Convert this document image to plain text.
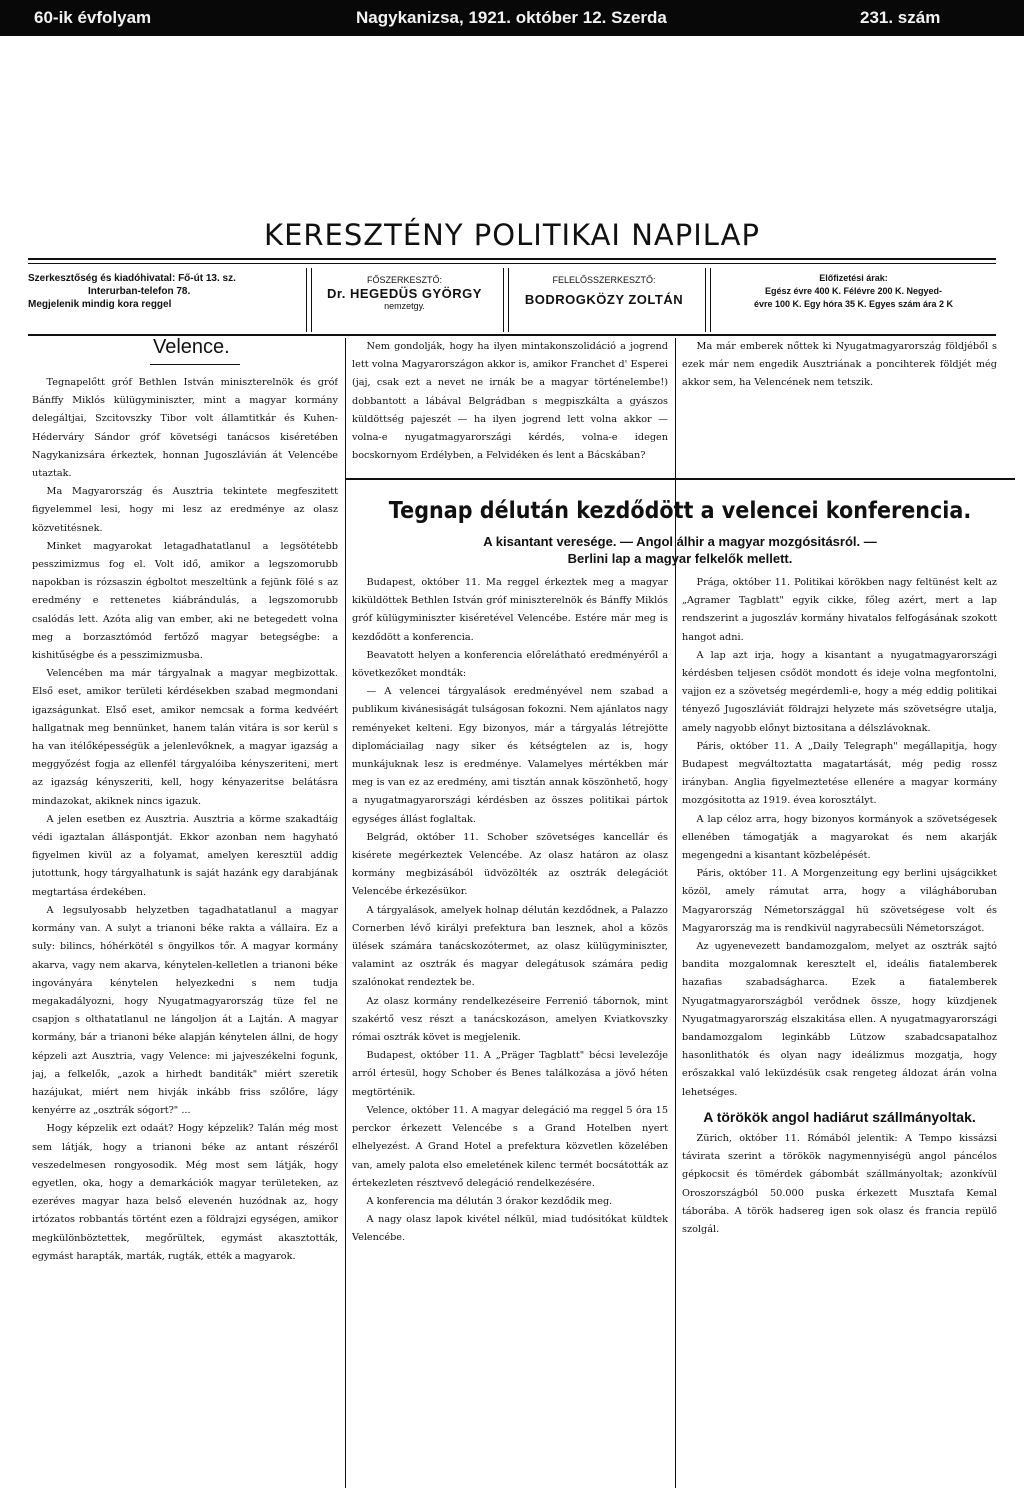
60-ik évfolyam	Nagykanizsa, 1921. október 12. Szerda	231. szám
KERESZTÉNY POLITIKAI NAPILAP
Szerkesztőség és kiadóhivatal: Fő-út 13. sz.
Interurban-telefon 78.
Megjelenik mindig kora reggel
FŐSZERKESZTŐ:
Dr. HEGEDÜS GYÖRGY
nemzetgy.
FELELŐSSZERKESZTŐ:
BODROGKÖZY ZOLTÁN
Előfizetési árak:
Egész évre 400 K. Félévre 200 K. Negyed-
évre 100 K. Egy hóra 35 K. Egyes szám ára 2 K
Velence.

Tegnapelőtt gróf Bethlen István miniszterelnök és gróf Bánffy Miklós külügyminiszter, mint a magyar kormány delegáltjai, Szcitovszky Tibor volt államtitkár és Kuhen-Héderváry Sándor gróf követségi tanácsos kiséretében Nagykanizsára érkeztek, honnan Jugoszlávián át Velencébe utaztak.

Ma Magyarország és Ausztria tekintete megfeszitett figyelemmel lesi, hogy mi lesz az eredménye az olasz közvetitésnek.

Minket magyarokat letagadhatatlanul a legsötétebb pesszimizmus fog el. Volt idő, amikor a legszomorubb napokban is rózsaszin égboltot meszeltünk a fejünk fölé s az eredmény e rettenetes kiábrándulás, a legszomorubb csalódás lett. Azóta alig van ember, aki ne betegedett volna meg a borzasztómód fertőző magyar betegségbe: a kishitűségbe és a pesszimizmusba.

Velencében ma már tárgyalnak a magyar megbizottak. Első eset, amikor területi kérdésekben szabad megmondani igazságunkat. Első eset, amikor nemcsak a forma kedvéért hallgatnak meg bennünket, hanem talán vitára is sor kerül s ha van itélőképességük a jelenlevőknek, a magyar igazság a meggyőzést fogja az ellenfél tárgyalóiba kényszeriteni, mert az igazság kényszeriti, kell, hogy kényazeritse belátásra mindazokat, akiknek nincs igazuk.

A jelen esetben ez Ausztria. Ausztria a körme szakadtáig védi igaztalan álláspontját. Ekkor azonban nem hagyható figyelmen kivül az a folyamat, amelyen keresztül addig jutottunk, hogy tárgyalhatunk is saját hazánk egy darabjának megtartása érdekében.

A legsulyosabb helyzetben tagadhatatlanul a magyar kormány van. A sulyt a trianoni béke rakta a vállaira. Ez a suly: bilincs, hóhérkötél s öngyilkos tőr. A magyar kormány akarva, vagy nem akarva, kénytelen-kelletlen a trianoni béke ingoványára kénytelen helyezkedni s nem tudja megakadályozni, hogy Nyugatmagyarország tüze fel ne csapjon s olthatatlanul ne lángoljon át a Lajtán. A magyar kormány, bár a trianoni béke alapján kénytelen állni, de hogy képzeli azt Ausztria, vagy Velence: mi jajveszékelni fogunk, jaj, a felkelők, „azok a hirhedt banditák" miért szeretik hazájukat, miért nem hivják inkább friss szőlőre, lágy kenyérre az „osztrák sógort?" ...

Hogy képzelik ezt odaát? Hogy képzelik? Talán még most sem látják, hogy a trianoni béke az antant részéről veszedelmesen rongyosodik. Még most sem látják, hogy egyetlen, oka, hogy a demarkációk magyar területeken, az ezeréves magyar haza belső elevenén huzódnak az, hogy irtózatos robbantás történt ezen a földrajzi egységen, amikor megkülönböztettek, megőrültek, egymást akasztották, egymást harapták, marták, rugták, ették a magyarok.

Nem gondolják, hogy ha ilyen mintakonszolidáció a jogrend lett volna Magyarországon akkor is, amikor Franchet d' Esperei (jaj, csak ezt a nevet ne irnák be a magyar történelembe!) dobbantott a lábával Belgrádban s megpiszkálta a gyászos küldöttség pajeszét — ha ilyen jogrend lett volna akkor — volna-e nyugatmagyarországi kérdés, volna-e idegen bocskornyom Erdélyben, a Felvidéken és lent a Bácskában?

Ma már emberek nőttek ki Nyugatmagyarország földjéből s ezek már nem engedik Ausztriának a poncihterek földjét még akkor sem, ha Velencének nem tetszik.

Tegnap délután kezdődött a velencei konferencia.
A kisantant veresége. — Angol álhir a magyar mozgósitásról. —
Berlini lap a magyar felkelők mellett.

Budapest, október 11. Ma reggel érkeztek meg a magyar kiküldöttek Bethlen István gróf miniszterelnök és Bánffy Miklós gróf külügyminiszter kiséretével Velencébe. Estére már meg is kezdődött a konferencia.

Beavatott helyen a konferencia előrelátható eredményéről a következőket mondták:

— A velencei tárgyalások eredményével nem szabad a publikum kivánesiságát tulságosan fokozni. Nem ajánlatos nagy reményeket kelteni. Egy bizonyos, már a tárgyalás létrejötte diplomáciailag nagy siker és kétségtelen az is, hogy munkájuknak lesz is eredménye. Valamelyes mértékben már meg is van ez az eredmény, ami tisztán annak köszönhető, hogy a nyugatmagyarországi kérdésben az összes politikai pártok egységes állást foglaltak.

Belgrád, október 11. Schober szövetséges kancellár és kisérete megérkeztek Velencébe. Az olasz határon az olasz kormány megbizásából üdvözölték az osztrák delegációt Velencébe érkezésükor.

A tárgyalások, amelyek holnap délután kezdődnek, a Palazzo Cornerben lévő királyi prefektura ban lesznek, ahol a közös ülések számára tanácskozótermet, az olasz külügyminiszter, valamint az osztrák és magyar delegátusok számára pedig szalónokat rendeztek be.

Az olasz kormány rendelkezéseire Ferrenió tábornok, mint szakértő vesz részt a tanácskozáson, amelyen Kviatkovszky római osztrák követ is megjelenik.

Budapest, október 11. A „Präger Tagblatt" bécsi levelezője arról értesül, hogy Schober és Benes találkozása a jövő héten megtörténik.

Velence, október 11. A magyar delegáció ma reggel 5 óra 15 perckor érkezett Velencébe s a Grand Hotelben nyert elhelyezést. A Grand Hotel a prefektura közvetlen közelében van, amely palota elso emeletének kilenc termét bocsátották az értekezleten résztvevő delegáció rendelkezésére.

A konferencia ma délután 3 órakor kezdődik meg.

A nagy olasz lapok kivétel nélkül, miad tudósitókat küldtek Velencébe.

Prága, október 11. Politikai körökben nagy feltünést kelt az „Agramer Tagblatt" egyik cikke, főleg azért, mert a lap rendszerint a jugoszláv kormány hivatalos felfogásának szokott hangot adni.

A lap azt irja, hogy a kisantant a nyugatmagyarországi kérdésben teljesen csődöt mondott és ideje volna megfontolni, vajjon ez a szövetség megérdemli-e, hogy a még eddig politikai tényező Jugoszláviát földrajzi helyzete más szövetségre utalja, amely nagyobb előnyt biztositana a délszlávoknak.

Páris, október 11. A „Daily Telegraph" megállapitja, hogy Budapest megváltoztatta magatartását, még pedig rossz irányban. Anglia figyelmeztetése ellenére a magyar kormány mozgósitotta az 1919. évea korosztályt.

A lap céloz arra, hogy bizonyos kormányok a szövetségesek ellenében támogatják a magyarokat és nem akarják megengedni a kisantant közbelépését.

Páris, október 11. A Morgenzeitung egy berlini ujságcikket közöl, amely rámutat arra, hogy a világháboruban Magyarország Németországgal hü szövetségese volt és Magyarország ma is rendkivül nagyrabecsüli Németországot.

Az ugyenevezett bandamozgalom, melyet az osztrák sajtó bandita mozgalomnak keresztelt el, ideális fiatalemberek hazafias szabadságharca. Ezek a fiatalemberek Nyugatmagyarországból verődnek össze, hogy küzdjenek Nyugatmagyarország elszakitása ellen. A nyugatmagyarországi bandamozgalom leginkább Lützow szabadcsapatalhoz hasonlithatók és olyan nagy ideálizmus mozgatja, hogy erőszakkal való leküzdésük csak rengeteg áldozat árán volna lehetséges.

A törökök angol hadiárut szállmányoltak.

Zürich, október 11. Rómából jelentik: A Tempo kissázsi távirata szerint a törökök nagymennyiségü angol páncélos gépkocsit és tömérdek gábombát szállmányoltak; azonkívül Oroszországból 50.000 puska érkezett Musztafa Kemal táborába. A török hadsereg igen sok olasz és francia repülő szolgál.
